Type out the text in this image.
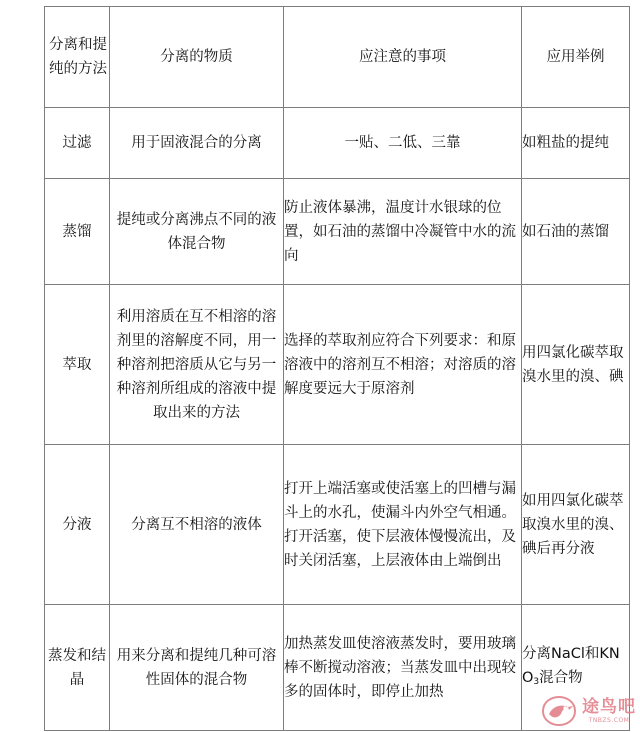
分离和提纯的方法	分离的物质	应注意的事项	应用举例
过滤	用于固液混合的分离	一贴、二低、三靠	如粗盐的提纯
蒸馏	提纯或分离沸点不同的液体混合物	防止液体暴沸，温度计水银球的位置，如石油的蒸馏中冷凝管中水的流向	如石油的蒸馏
萃取	利用溶质在互不相溶的溶剂里的溶解度不同，用一种溶剂把溶质从它与另一种溶剂所组成的溶液中提取出来的方法	选择的萃取剂应符合下列要求：和原溶液中的溶剂互不相溶；对溶质的溶解度要远大于原溶剂	用四氯化碳萃取溴水里的溴、碘
分液	分离互不相溶的液体	打开上端活塞或使活塞上的凹槽与漏斗上的水孔，使漏斗内外空气相通。打开活塞，使下层液体慢慢流出，及时关闭活塞，上层液体由上端倒出	如用四氯化碳萃取溴水里的溴、碘后再分液
蒸发和结晶	用来分离和提纯几种可溶性固体的混合物	加热蒸发皿使溶液蒸发时，要用玻璃棒不断搅动溶液；当蒸发皿中出现较多的固体时，即停止加热	分离NaCl和$KNO_3$混合物
途鸟吧
TNBZS.COM
